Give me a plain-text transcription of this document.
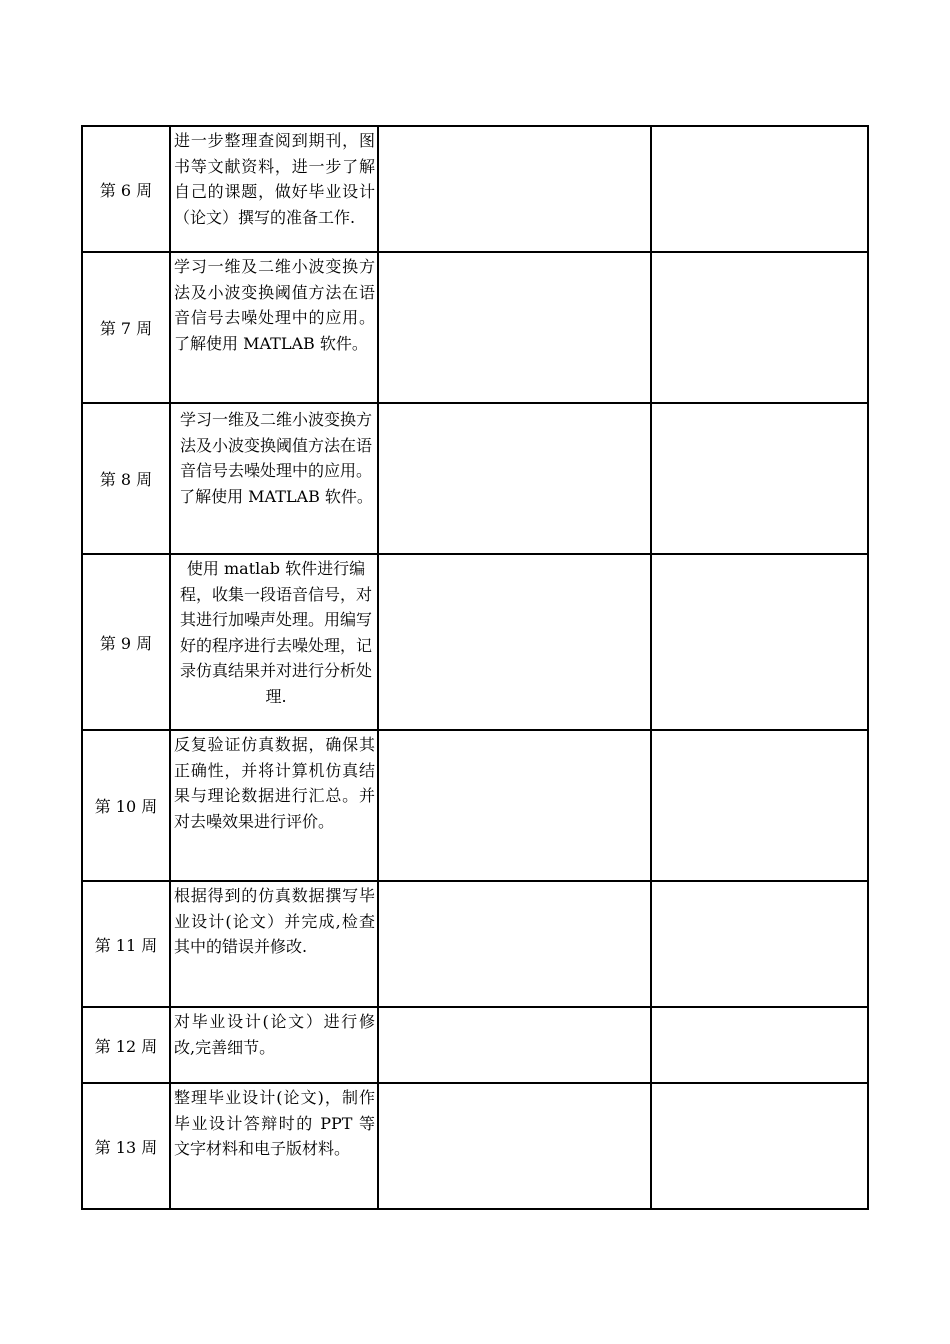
第 6 周	进一步整理查阅到期刊，图书等文献资料，进一步了解自己的课题，做好毕业设计（论文）撰写的准备工作.		

第 7 周	学习一维及二维小波变换方法及小波变换阈值方法在语音信号去噪处理中的应用。了解使用 MATLAB 软件。		

第 8 周	学习一维及二维小波变换方法及小波变换阈值方法在语音信号去噪处理中的应用。了解使用 MATLAB 软件。		

第 9 周	使用 matlab 软件进行编程，收集一段语音信号，对其进行加噪声处理。用编写好的程序进行去噪处理，记录仿真结果并对进行分析处理.		

第 10 周	反复验证仿真数据，确保其正确性，并将计算机仿真结果与理论数据进行汇总。并对去噪效果进行评价。		

第 11 周	根据得到的仿真数据撰写毕业设计(论文）并完成,检查其中的错误并修改.		

第 12 周	对毕业设计(论文）进行修改,完善细节。		

第 13 周	整理毕业设计(论文)，制作毕业设计答辩时的 PPT 等文字材料和电子版材料。		
